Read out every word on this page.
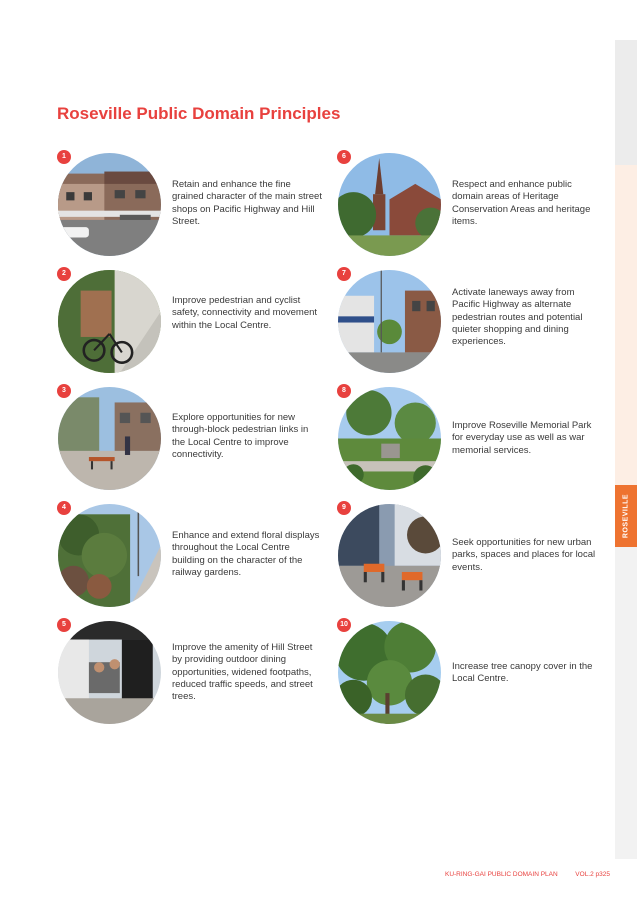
ROSEVILLE
Roseville Public Domain Principles
1
Retain and enhance the fine grained character of the main street shops on Pacific Highway and Hill Street.
2
Improve pedestrian and cyclist safety, connectivity and movement within the Local Centre.
3
Explore opportunities for new through-block pedestrian links in the Local Centre to improve connectivity.
4
Enhance and extend floral displays throughout the Local Centre building on the character of the railway gardens.
5
Improve the amenity of Hill Street by providing outdoor dining opportunities, widened footpaths, reduced traffic speeds, and street trees.
6
Respect and enhance public domain areas of Heritage Conservation Areas and heritage items.
7
Activate laneways away from Pacific Highway as alternate pedestrian routes and potential quieter shopping and dining experiences.
8
Improve Roseville Memorial Park for everyday use as well as war memorial services.
9
Seek opportunities for new urban parks, spaces and places for local events.
10
Increase tree canopy cover in the Local Centre.
KU-RING-GAI PUBLIC DOMAIN PLAN	VOL.2 p325
